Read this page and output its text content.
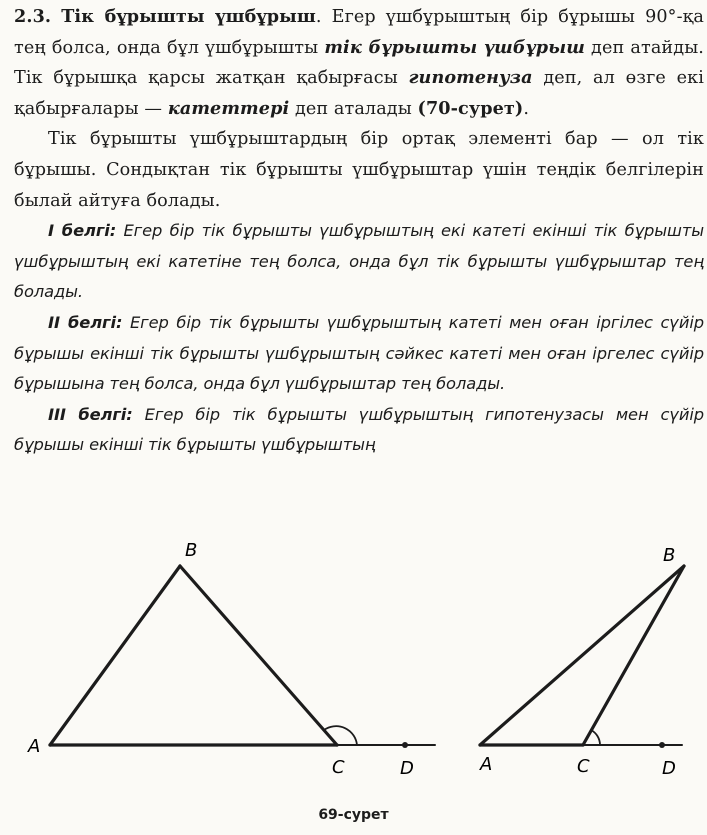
2.3. Тік бұрышты үшбұрыш. Егер үшбұрыштың бір бұрышы 90°-қа тең болса, онда бұл үшбұрышты тік бұрышты үшбұрыш деп атайды. Тік бұрышқа қарсы жатқан қабырғасы гипотенуза деп, ал өзге екі қабырғалары — катеттері деп аталады (70-сурет).

Тік бұрышты үшбұрыштардың бір ортақ элементі бар — ол тік бұрышы. Сондықтан тік бұрышты үшбұрыштар үшін теңдік белгілерін былай айтуға болады.

I белгі: Егер бір тік бұрышты үшбұрыштың екі катеті екінші тік бұрышты үшбұрыштың екі катетіне тең болса, онда бұл тік бұрышты үшбұрыштар тең болады.

II белгі: Егер бір тік бұрышты үшбұрыштың катеті мен оған іргілес сүйір бұрышы екінші тік бұрышты үшбұрыштың сәйкес катеті мен оған іргелес сүйір бұрышына тең болса, онда бұл үшбұрыштар тең болады.

III белгі: Егер бір тік бұрышты үшбұрыштың гипотенузасы мен сүйір бұрышы екінші тік бұрышты үшбұрыштың

B
A
C	D
B
A	C	D
69-сурет
